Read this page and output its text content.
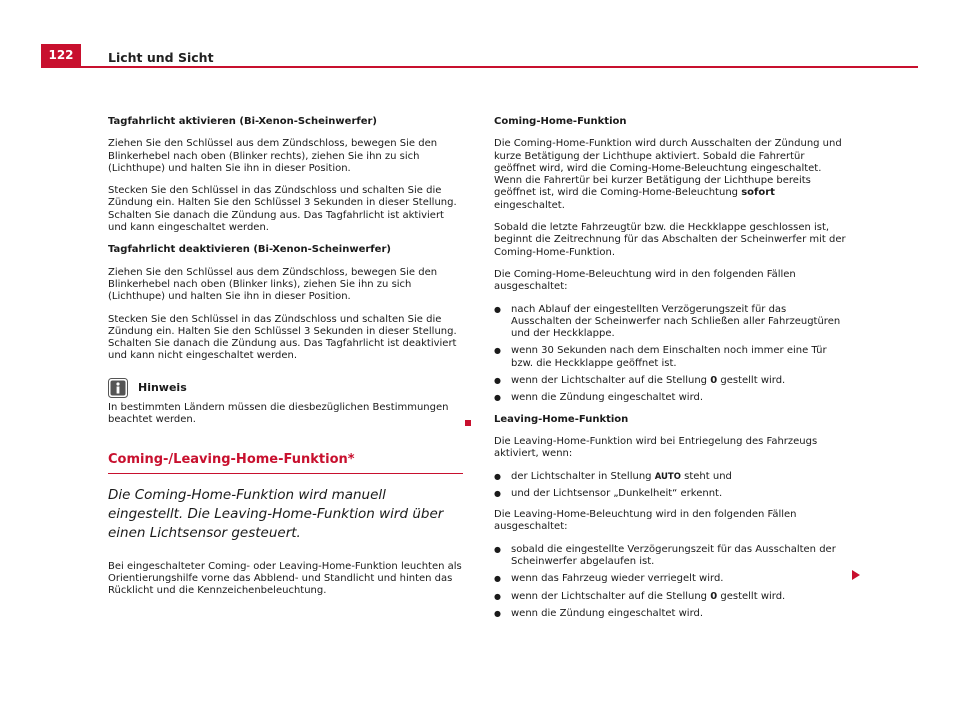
122	Licht und Sicht

Tagfahrlicht aktivieren (Bi-Xenon-Scheinwerfer)

Ziehen Sie den Schlüssel aus dem Zündschloss, bewegen Sie den Blinkerhebel nach oben (Blinker rechts), ziehen Sie ihn zu sich (Lichthupe) und halten Sie ihn in dieser Position.

Stecken Sie den Schlüssel in das Zündschloss und schalten Sie die Zündung ein. Halten Sie den Schlüssel 3 Sekunden in dieser Stellung. Schalten Sie danach die Zündung aus. Das Tagfahrlicht ist aktiviert und kann eingeschaltet werden.

Tagfahrlicht deaktivieren (Bi-Xenon-Scheinwerfer)

Ziehen Sie den Schlüssel aus dem Zündschloss, bewegen Sie den Blinkerhebel nach oben (Blinker links), ziehen Sie ihn zu sich (Lichthupe) und halten Sie ihn in dieser Position.

Stecken Sie den Schlüssel in das Zündschloss und schalten Sie die Zündung ein. Halten Sie den Schlüssel 3 Sekunden in dieser Stellung. Schalten Sie danach die Zündung aus. Das Tagfahrlicht ist deaktiviert und kann nicht eingeschaltet werden.

Hinweis
In bestimmten Ländern müssen die diesbezüglichen Bestimmungen beachtet werden.
Coming-/Leaving-Home-Funktion*
Die Coming-Home-Funktion wird manuell eingestellt. Die Leaving-Home-Funktion wird über einen Lichtsensor gesteuert.

Bei eingeschalteter Coming- oder Leaving-Home-Funktion leuchten als Orientierungshilfe vorne das Abblend- und Standlicht und hinten das Rücklicht und die Kennzeichenbeleuchtung.

Coming-Home-Funktion

Die Coming-Home-Funktion wird durch Ausschalten der Zündung und kurze Betätigung der Lichthupe aktiviert. Sobald die Fahrertür geöffnet wird, wird die Coming-Home-Beleuchtung eingeschaltet. Wenn die Fahrertür bei kurzer Betätigung der Lichthupe bereits geöffnet ist, wird die Coming-Home-Beleuchtung sofort eingeschaltet.

Sobald die letzte Fahrzeugtür bzw. die Heckklappe geschlossen ist, beginnt die Zeitrechnung für das Abschalten der Scheinwerfer mit der Coming-Home-Funktion.

Die Coming-Home-Beleuchtung wird in den folgenden Fällen ausgeschaltet:

● nach Ablauf der eingestellten Verzögerungszeit für das Ausschalten der Scheinwerfer nach Schließen aller Fahrzeugtüren und der Heckklappe.
● wenn 30 Sekunden nach dem Einschalten noch immer eine Tür bzw. die Heckklappe geöffnet ist.
● wenn der Lichtschalter auf die Stellung 0 gestellt wird.
● wenn die Zündung eingeschaltet wird.

Leaving-Home-Funktion

Die Leaving-Home-Funktion wird bei Entriegelung des Fahrzeugs aktiviert, wenn:

● der Lichtschalter in Stellung AUTO steht und
● und der Lichtsensor „Dunkelheit“ erkennt.

Die Leaving-Home-Beleuchtung wird in den folgenden Fällen ausgeschaltet:

● sobald die eingestellte Verzögerungszeit für das Ausschalten der Scheinwerfer abgelaufen ist.
● wenn das Fahrzeug wieder verriegelt wird.
● wenn der Lichtschalter auf die Stellung 0 gestellt wird.
● wenn die Zündung eingeschaltet wird.
